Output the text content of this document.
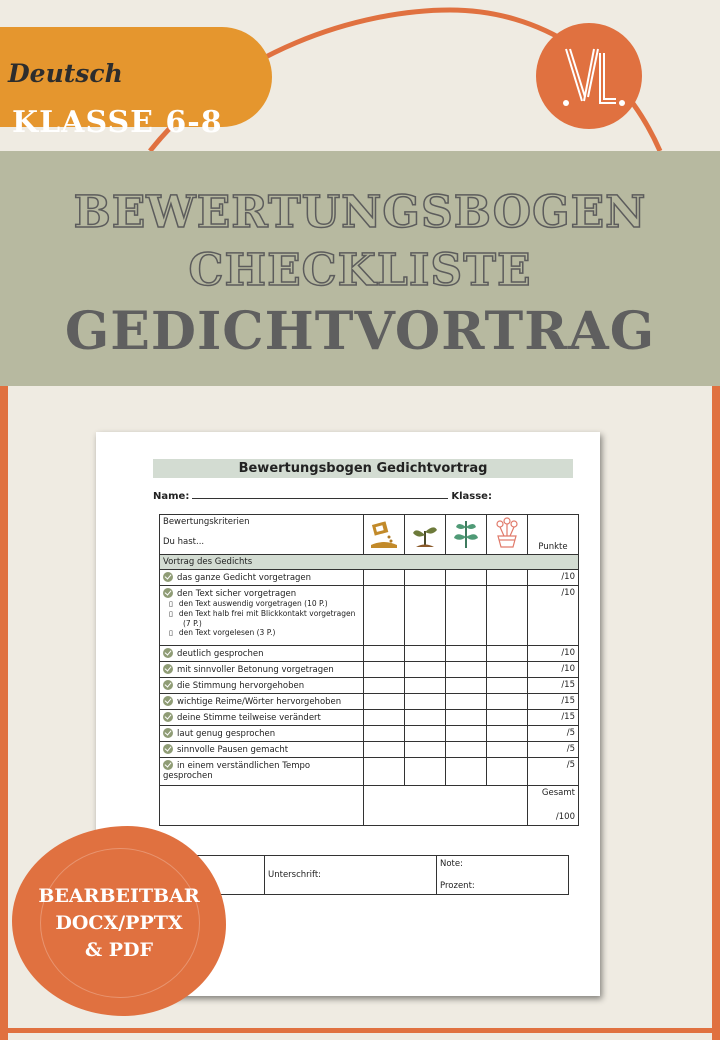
Deutsch
KLASSE 6-8
BEWERTUNGSBOGEN
CHECKLISTE
GEDICHTVORTRAG
Bewertungsbogen Gedichtvortrag
Name:	Klasse:
Bewertungskriterien
Du hast...					Punkte
Vortrag des Gedichts					
das ganze Gedicht vorgetragen					/10
den Text sicher vorgetragen
▯ den Text auswendig vorgetragen (10 P.)
▯ den Text halb frei mit Blickkontakt vorgetragen (7 P.)
▯ den Text vorgelesen (3 P.)					/10
deutlich gesprochen					/10
mit sinnvoller Betonung vorgetragen					/10
die Stimmung hervorgehoben					/15
wichtige Reime/Wörter hervorgehoben					/15
deine Stimme teilweise verändert					/15
laut genug gesprochen					/5
sinnvolle Pausen gemacht					/5
in einem verständlichen Tempo gesprochen					/5

					Gesamt
/100
	Unterschrift:	
Note:
Prozent:
BEARBEITBAR
DOCX/PPTX
& PDF
